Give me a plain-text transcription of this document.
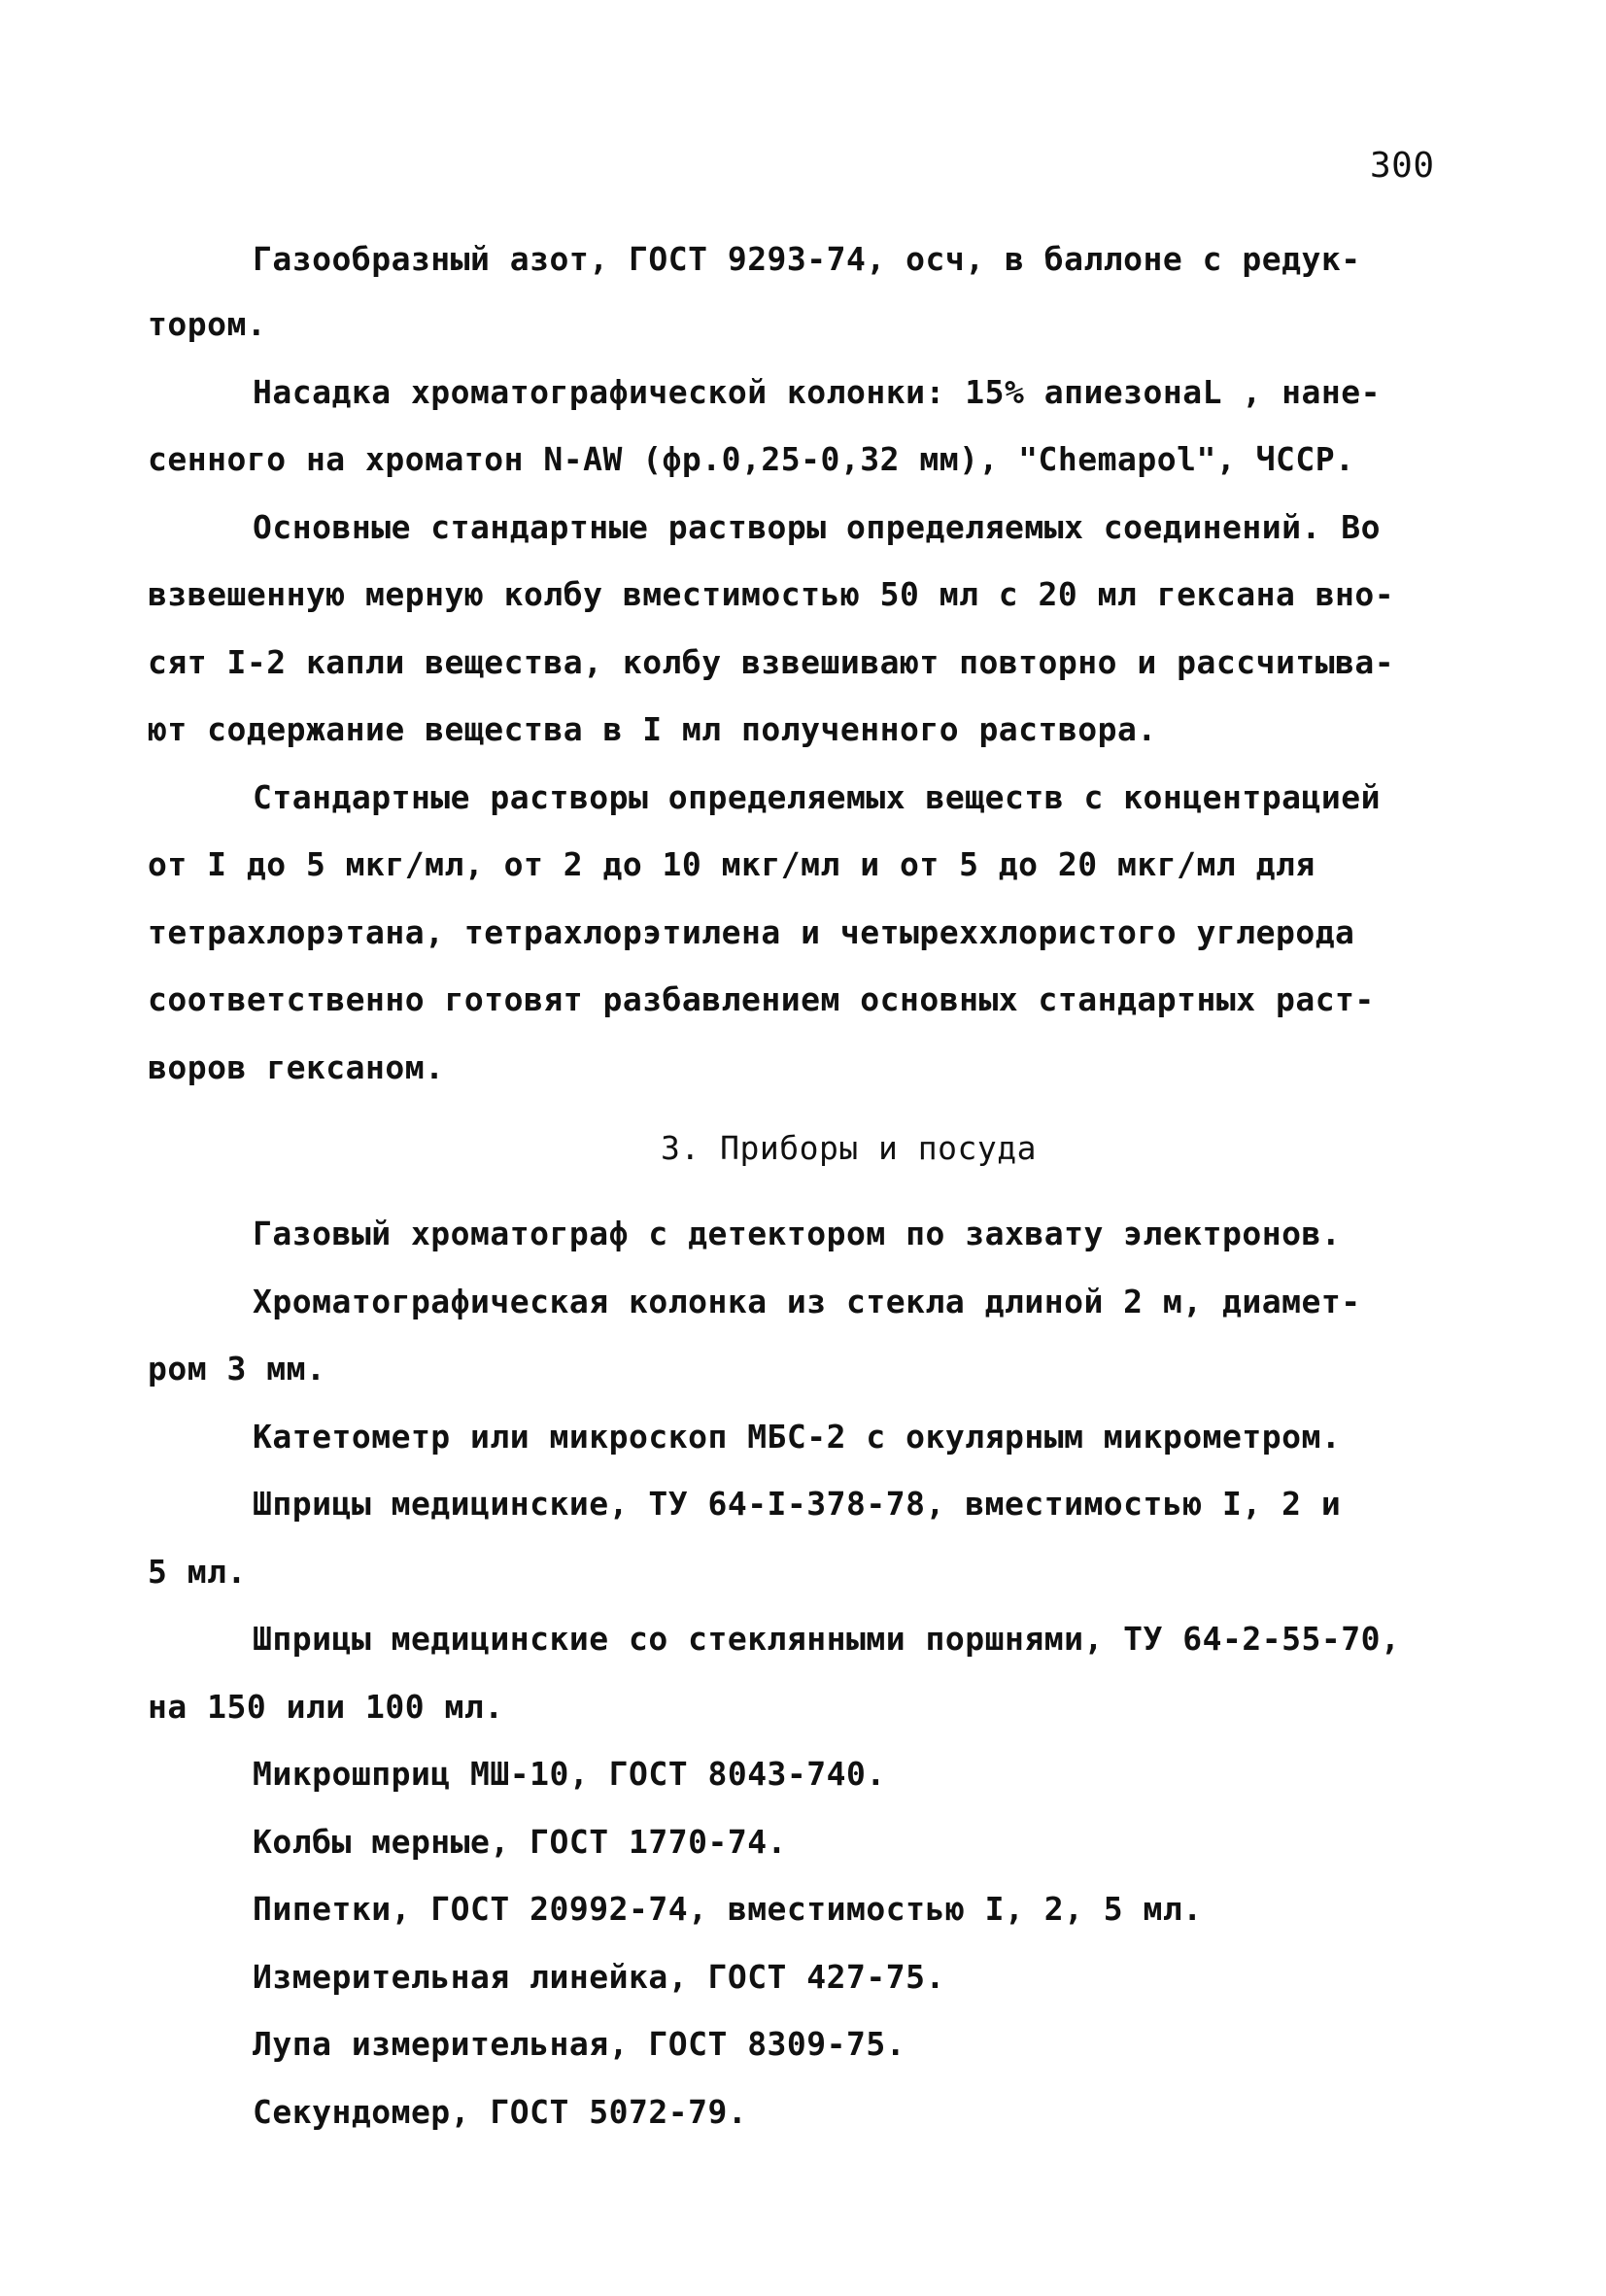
300
Газообразный азот, ГОСТ 9293-74, осч, в баллоне с редук-
тором.
Насадка хроматографической колонки: 15% апиезонаL , нане-
сенного на хроматон N-AW (фр.0,25-0,32 мм), "Chemapol", ЧССР.
Основные стандартные растворы определяемых соединений. Во
взвешенную мерную колбу вместимостью 50 мл с 20 мл гексана вно-
сят I-2 капли вещества, колбу взвешивают повторно и рассчитыва-
ют содержание вещества в I мл полученного раствора.
Стандартные растворы определяемых веществ с концентрацией
от I до 5 мкг/мл, от 2 до 10 мкг/мл и от 5 до 20 мкг/мл для
тетрахлорэтана, тетрахлорэтилена и четыреххлористого углерода
соответственно готовят разбавлением основных стандартных раст-
воров гексаном.
3. Приборы и посуда
Газовый хроматограф с детектором по захвату электронов.
Хроматографическая колонка из стекла длиной 2 м, диамет-
ром 3 мм.
Катетометр или микроскоп МБС-2 с окулярным микрометром.
Шприцы медицинские, ТУ 64-I-378-78, вместимостью I, 2 и
5 мл.
Шприцы медицинские со стеклянными поршнями, ТУ 64-2-55-70,
на 150 или 100 мл.
Микрошприц МШ-10, ГОСТ 8043-740.
Колбы мерные, ГОСТ 1770-74.
Пипетки, ГОСТ 20992-74, вместимостью I, 2, 5 мл.
Измерительная линейка, ГОСТ 427-75.
Лупа измерительная, ГОСТ 8309-75.
Секундомер, ГОСТ 5072-79.
